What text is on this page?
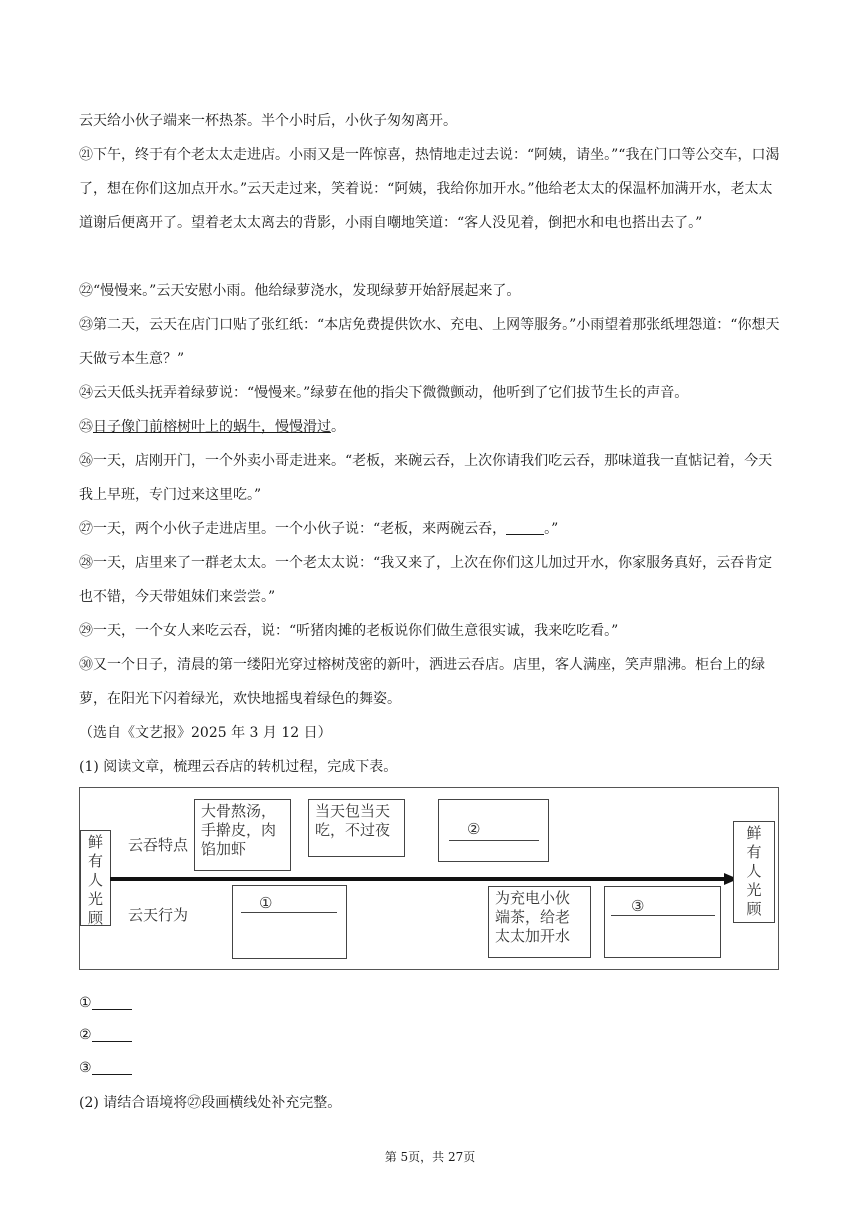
云天给小伙子端来一杯热茶。半个小时后，小伙子匆匆离开。

㉑下午，终于有个老太太走进店。小雨又是一阵惊喜，热情地走过去说：“阿姨，请坐。”“我在门口等公交车，口渴了，想在你们这加点开水。”云天走过来，笑着说：“阿姨，我给你加开水。”他给老太太的保温杯加满开水，老太太道谢后便离开了。望着老太太离去的背影，小雨自嘲地笑道：“客人没见着，倒把水和电也搭出去了。”

㉒“慢慢来。”云天安慰小雨。他给绿萝浇水，发现绿萝开始舒展起来了。

㉓第二天，云天在店门口贴了张红纸：“本店免费提供饮水、充电、上网等服务。”小雨望着那张纸埋怨道：“你想天天做亏本生意？”

㉔云天低头抚弄着绿萝说：“慢慢来。”绿萝在他的指尖下微微颤动，他听到了它们拔节生长的声音。

㉕日子像门前榕树叶上的蜗牛，慢慢滑过。

㉖一天，店刚开门，一个外卖小哥走进来。“老板，来碗云吞，上次你请我们吃云吞，那味道我一直惦记着，今天我上早班，专门过来这里吃。”

㉗一天，两个小伙子走进店里。一个小伙子说：“老板，来两碗云吞，	。”

㉘一天，店里来了一群老太太。一个老太太说：“我又来了，上次在你们这儿加过开水，你家服务真好，云吞肯定也不错，今天带姐妹们来尝尝。”

㉙一天，一个女人来吃云吞，说：“听猪肉摊的老板说你们做生意很实诚，我来吃吃看。”

㉚又一个日子，清晨的第一缕阳光穿过榕树茂密的新叶，洒进云吞店。店里，客人满座，笑声鼎沸。柜台上的绿萝，在阳光下闪着绿光，欢快地摇曳着绿色的舞姿。

（选自《文艺报》2025 年 3 月 12 日）

(1) 阅读文章，梳理云吞店的转机过程，完成下表。

鲜
有
人
光
顾
云吞特点
云天行为
大骨熬汤，手擀皮，肉馅加虾
当天包当天吃，不过夜	②
①	为充电小伙端茶，给老太太加开水
③
鲜
有
人
光
顾
①
②
③

(2) 请结合语境将㉗段画横线处补充完整。

第 5页，共 27页
